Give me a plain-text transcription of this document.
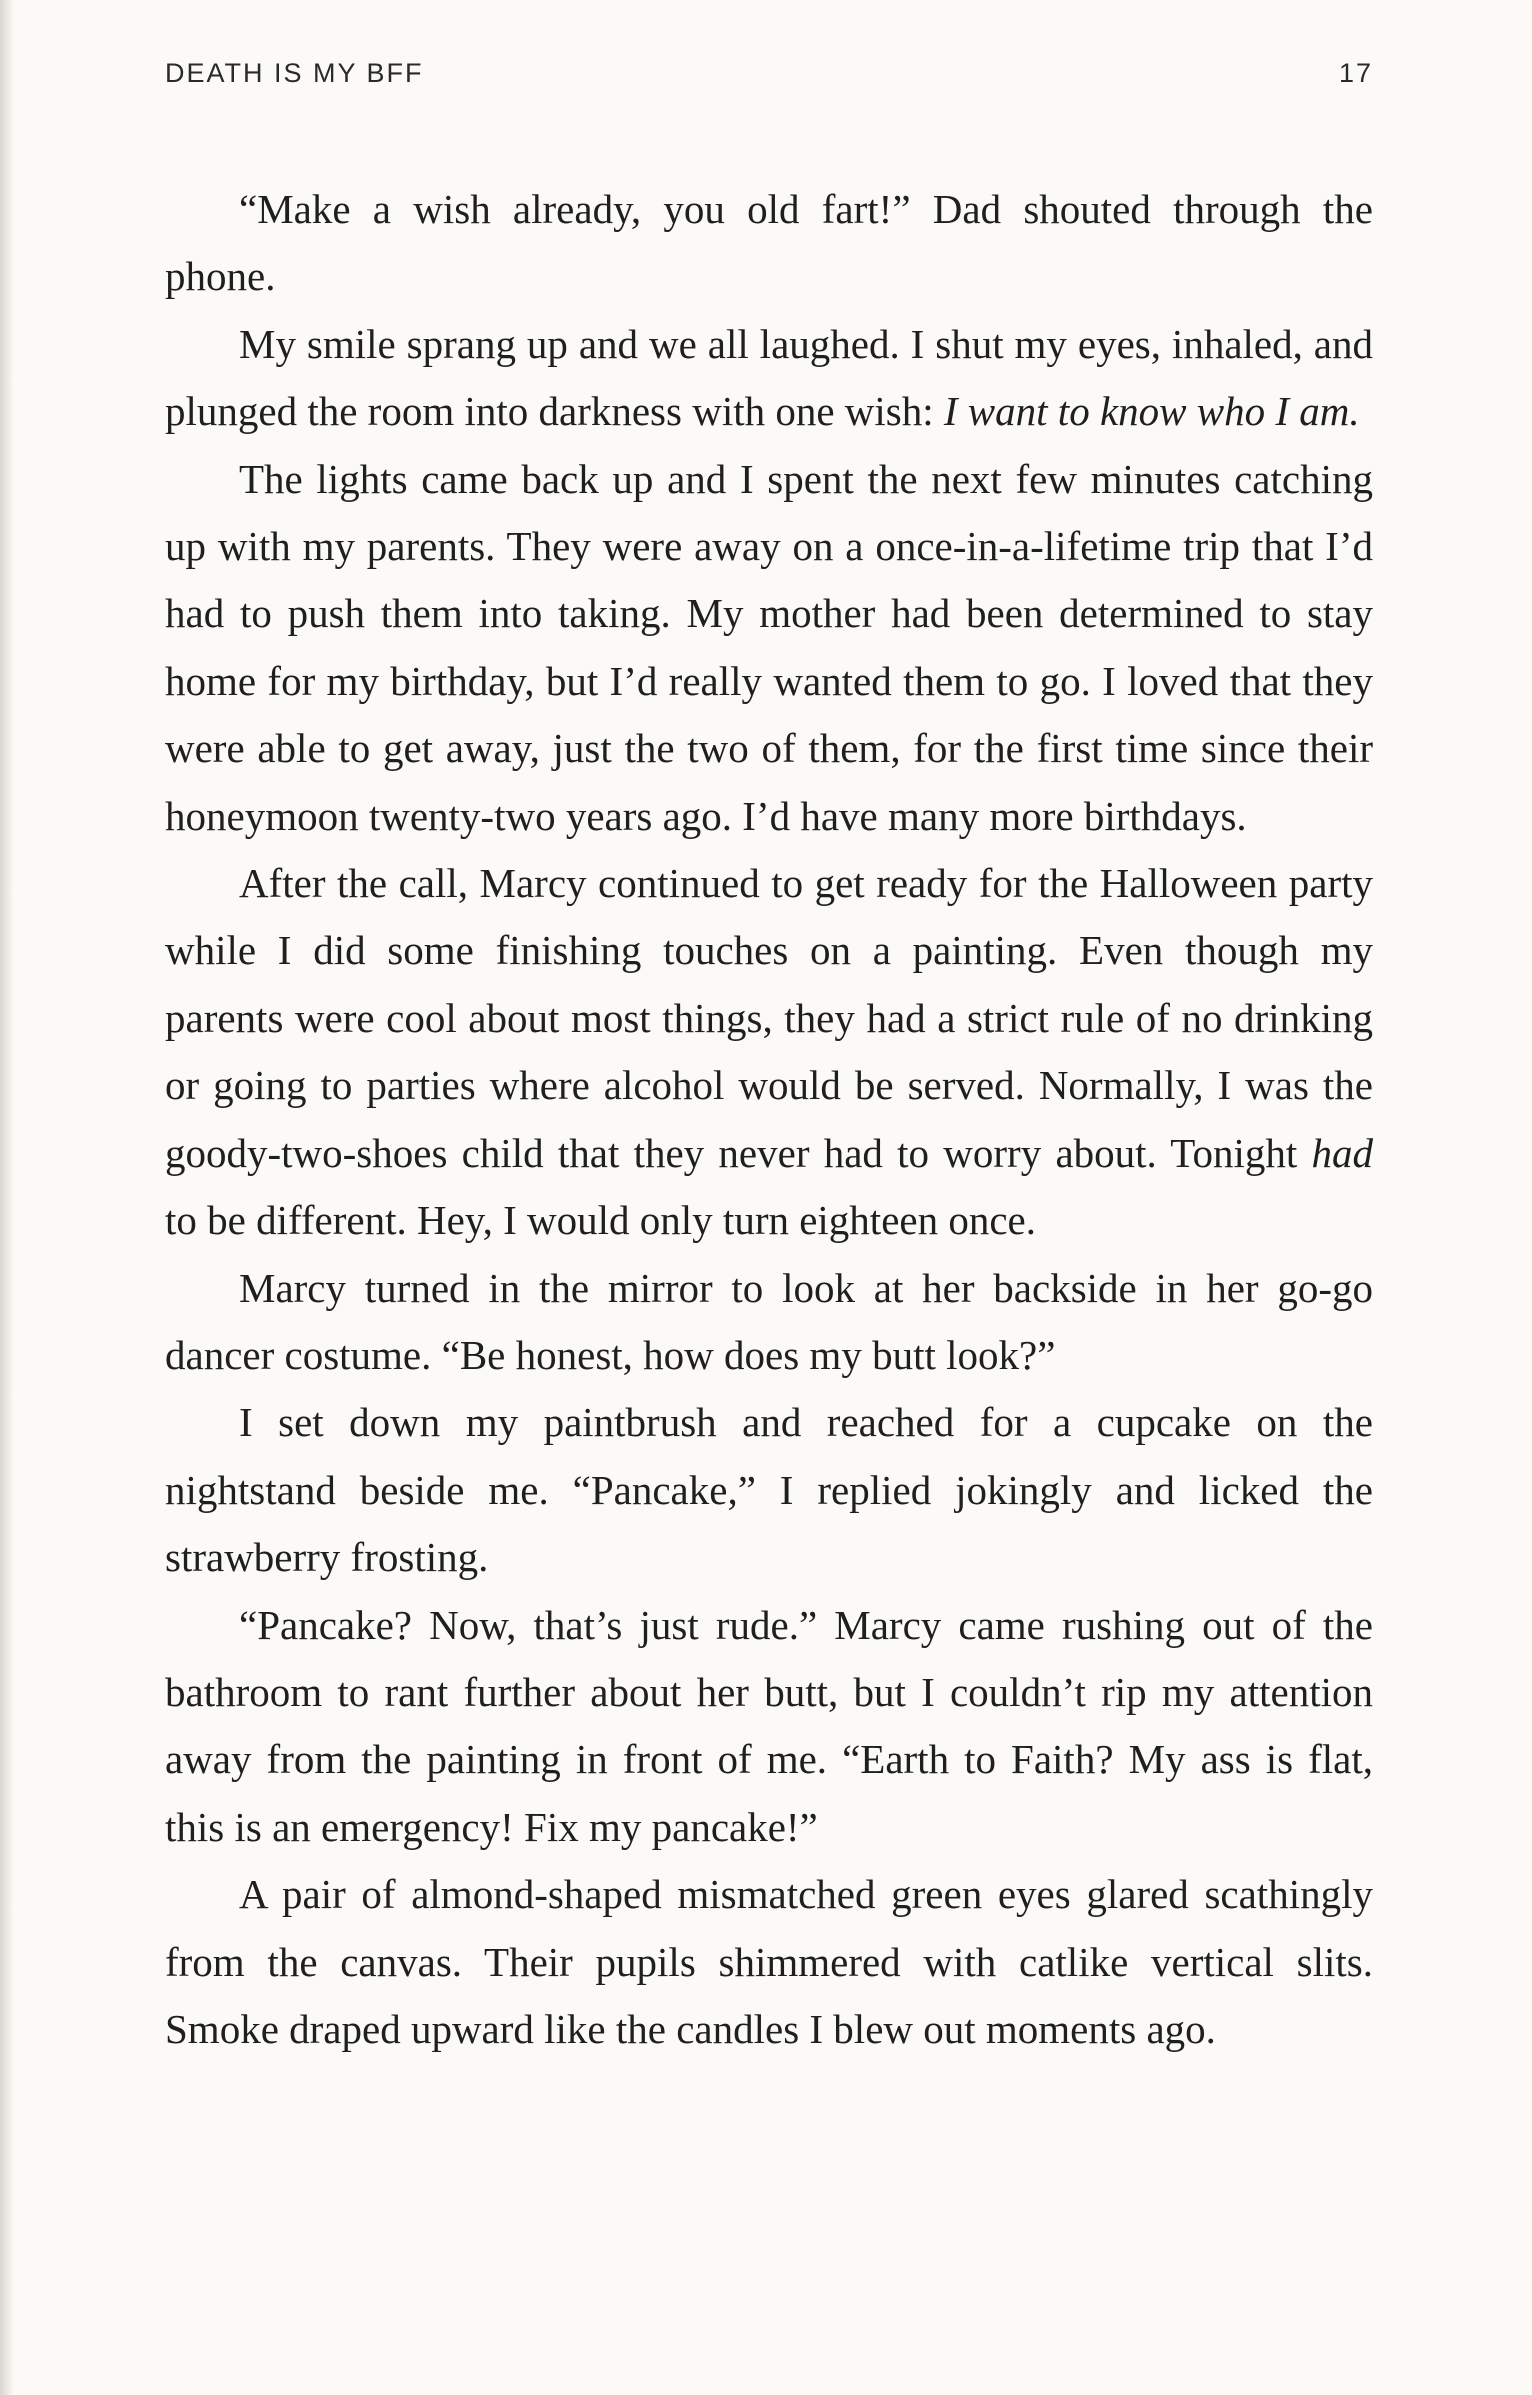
DEATH IS MY BFF	17

“Make a wish already, you old fart!” Dad shouted through the phone.

My smile sprang up and we all laughed. I shut my eyes, inhaled, and plunged the room into darkness with one wish: I want to know who I am.

The lights came back up and I spent the next few minutes catching up with my parents. They were away on a once-in-a-lifetime trip that I’d had to push them into taking. My mother had been determined to stay home for my birthday, but I’d really wanted them to go. I loved that they were able to get away, just the two of them, for the first time since their honeymoon twenty-two years ago. I’d have many more birthdays.

After the call, Marcy continued to get ready for the Halloween party while I did some finishing touches on a painting. Even though my parents were cool about most things, they had a strict rule of no drinking or going to parties where alcohol would be served. Normally, I was the goody-two-shoes child that they never had to worry about. Tonight had to be different. Hey, I would only turn eighteen once.

Marcy turned in the mirror to look at her backside in her go-go dancer costume. “Be honest, how does my butt look?”

I set down my paintbrush and reached for a cupcake on the nightstand beside me. “Pancake,” I replied jokingly and licked the strawberry frosting.

“Pancake? Now, that’s just rude.” Marcy came rushing out of the bathroom to rant further about her butt, but I couldn’t rip my attention away from the painting in front of me. “Earth to Faith? My ass is flat, this is an emergency! Fix my pancake!”

A pair of almond-shaped mismatched green eyes glared scathingly from the canvas. Their pupils shimmered with catlike vertical slits. Smoke draped upward like the candles I blew out moments ago.
